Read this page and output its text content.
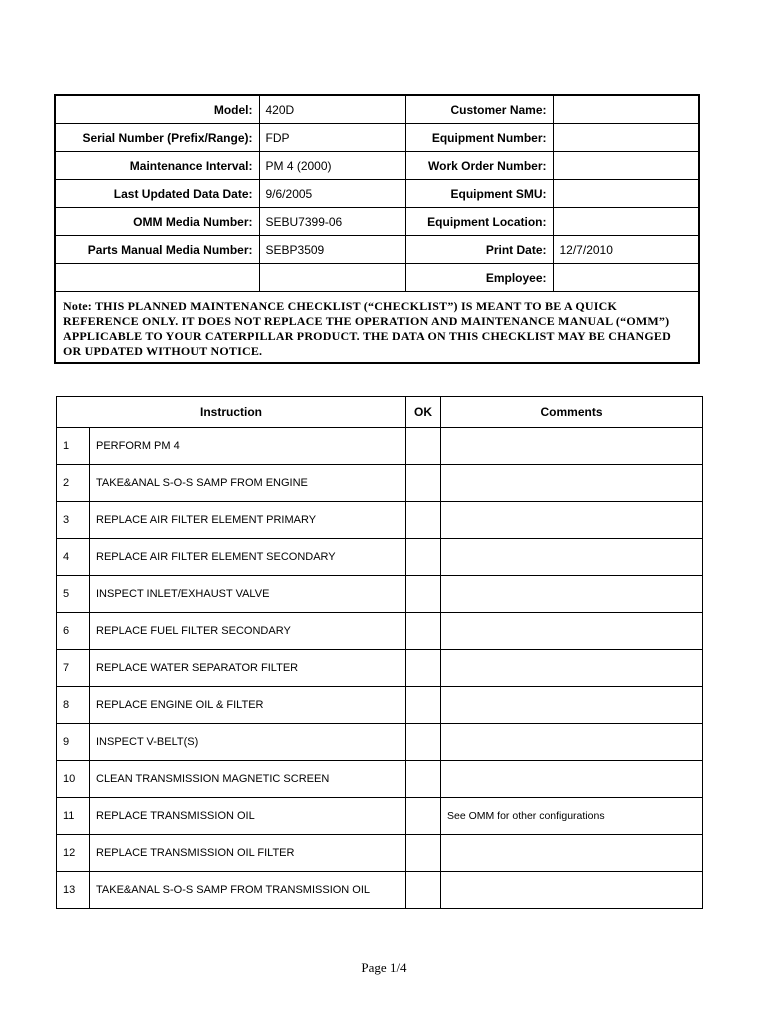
Model:	420D	Customer Name:	
Serial Number (Prefix/Range):	FDP	Equipment Number:	
Maintenance Interval:	PM 4 (2000)	Work Order Number:	
Last Updated Data Date:	9/6/2005	Equipment SMU:	
OMM Media Number:	SEBU7399-06	Equipment Location:	
Parts Manual Media Number:	SEBP3509	Print Date:	12/7/2010
		Employee:	
Note: THIS PLANNED MAINTENANCE CHECKLIST (“CHECKLIST”) IS MEANT TO BE A QUICK REFERENCE ONLY. IT DOES NOT REPLACE THE OPERATION AND MAINTENANCE MANUAL (“OMM”) APPLICABLE TO YOUR CATERPILLAR PRODUCT. THE DATA ON THIS CHECKLIST MAY BE CHANGED OR UPDATED WITHOUT NOTICE.
Instruction		OK	Comments
1	PERFORM PM 4		
2	TAKE&ANAL S-O-S SAMP FROM ENGINE		
3	REPLACE AIR FILTER ELEMENT PRIMARY		
4	REPLACE AIR FILTER ELEMENT SECONDARY		
5	INSPECT INLET/EXHAUST VALVE		
6	REPLACE FUEL FILTER SECONDARY		
7	REPLACE WATER SEPARATOR FILTER		
8	REPLACE ENGINE OIL & FILTER		
9	INSPECT V-BELT(S)		
10	CLEAN TRANSMISSION MAGNETIC SCREEN		
11	REPLACE TRANSMISSION OIL		See OMM for other configurations
12	REPLACE TRANSMISSION OIL FILTER		
13	TAKE&ANAL S-O-S SAMP FROM TRANSMISSION OIL		
Page 1/4
